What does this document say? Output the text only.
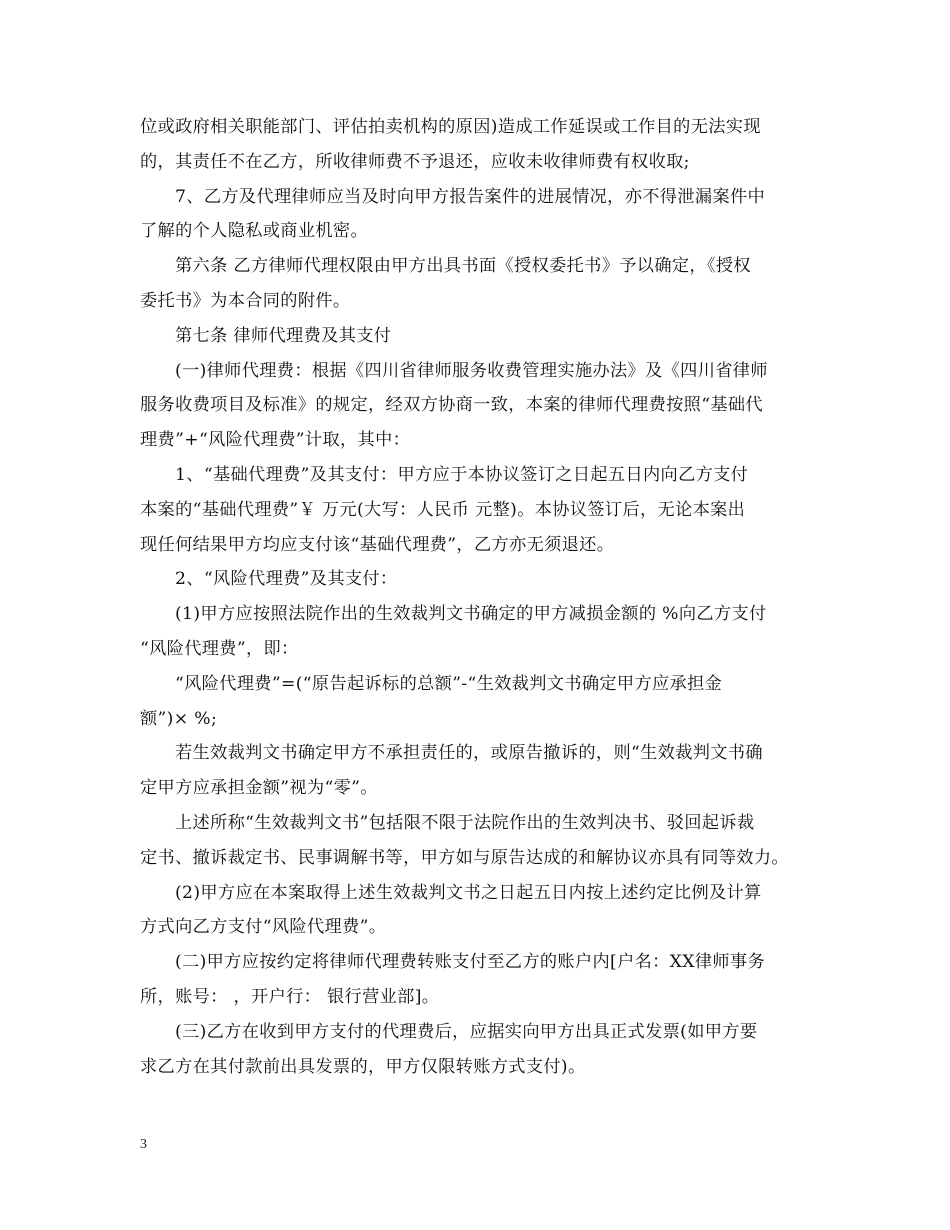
位或政府相关职能部门、评估拍卖机构的原因)造成工作延误或工作目的无法实现
的，其责任不在乙方，所收律师费不予退还，应收未收律师费有权收取;

7、乙方及代理律师应当及时向甲方报告案件的进展情况，亦不得泄漏案件中
了解的个人隐私或商业机密。

第六条 乙方律师代理权限由甲方出具书面《授权委托书》予以确定，《授权
委托书》为本合同的附件。

第七条 律师代理费及其支付

(一)律师代理费：根据《四川省律师服务收费管理实施办法》及《四川省律师
服务收费项目及标准》的规定，经双方协商一致，本案的律师代理费按照“基础代
理费”+“风险代理费”计取，其中：

1、“基础代理费”及其支付：甲方应于本协议签订之日起五日内向乙方支付
本案的“基础代理费”￥ 万元(大写：人民币 元整)。本协议签订后，无论本案出
现任何结果甲方均应支付该“基础代理费”，乙方亦无须退还。

2、“风险代理费”及其支付：

(1)甲方应按照法院作出的生效裁判文书确定的甲方减损金额的 %向乙方支付
“风险代理费”，即：

“风险代理费”=(“原告起诉标的总额”-“生效裁判文书确定甲方应承担金
额”)× %;

若生效裁判文书确定甲方不承担责任的，或原告撤诉的，则“生效裁判文书确
定甲方应承担金额”视为“零”。

上述所称“生效裁判文书”包括限不限于法院作出的生效判决书、驳回起诉裁
定书、撤诉裁定书、民事调解书等，甲方如与原告达成的和解协议亦具有同等效力。

(2)甲方应在本案取得上述生效裁判文书之日起五日内按上述约定比例及计算
方式向乙方支付“风险代理费”。

(二)甲方应按约定将律师代理费转账支付至乙方的账户内[户名：XX律师事务
所，账号： ，开户行： 银行营业部]。

(三)乙方在收到甲方支付的代理费后，应据实向甲方出具正式发票(如甲方要
求乙方在其付款前出具发票的，甲方仅限转账方式支付)。

3
